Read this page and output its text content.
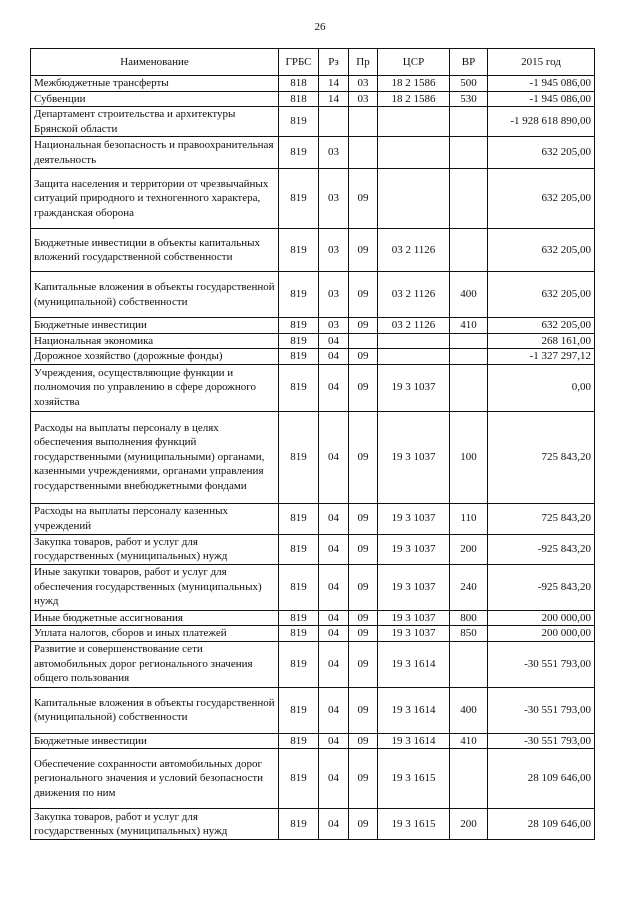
26
Наименование	ГРБС	Рз	Пр	ЦСР	ВР	2015 год
Межбюджетные трансферты	818	14	03	18 2 1586	500	-1 945 086,00
Субвенции	818	14	03	18 2 1586	530	-1 945 086,00
Департамент строительства и архитектуры Брянской области	819					-1 928 618 890,00
Национальная безопасность и правоохранительная деятельность	819	03				632 205,00
Защита населения и территории от чрезвычайных ситуаций природного и техногенного характера, гражданская оборона	819	03	09			632 205,00
Бюджетные инвестиции в объекты капитальных вложений государственной собственности	819	03	09	03 2 1126		632 205,00
Капитальные вложения в объекты государственной (муниципальной) собственности	819	03	09	03 2 1126	400	632 205,00
Бюджетные инвестиции	819	03	09	03 2 1126	410	632 205,00
Национальная экономика	819	04				268 161,00
Дорожное хозяйство (дорожные фонды)	819	04	09			-1 327 297,12
Учреждения, осуществляющие функции и полномочия по управлению в сфере дорожного хозяйства	819	04	09	19 3 1037		0,00
Расходы на выплаты персоналу в целях обеспечения выполнения функций государственными (муниципальными) органами, казенными учреждениями, органами управления государственными внебюджетными фондами	819	04	09	19 3 1037	100	725 843,20
Расходы на выплаты персоналу казенных учреждений	819	04	09	19 3 1037	110	725 843,20
Закупка товаров, работ и услуг для государственных (муниципальных) нужд	819	04	09	19 3 1037	200	-925 843,20
Иные закупки товаров, работ и услуг для обеспечения государственных (муниципальных) нужд	819	04	09	19 3 1037	240	-925 843,20
Иные бюджетные ассигнования	819	04	09	19 3 1037	800	200 000,00
Уплата налогов, сборов и иных платежей	819	04	09	19 3 1037	850	200 000,00
Развитие и совершенствование сети автомобильных дорог регионального значения общего пользования	819	04	09	19 3 1614		-30 551 793,00
Капитальные вложения в объекты государственной (муниципальной) собственности	819	04	09	19 3 1614	400	-30 551 793,00
Бюджетные инвестиции	819	04	09	19 3 1614	410	-30 551 793,00
Обеспечение сохранности автомобильных дорог регионального значения и условий безопасности движения по ним	819	04	09	19 3 1615		28 109 646,00
Закупка товаров, работ и услуг для государственных (муниципальных) нужд	819	04	09	19 3 1615	200	28 109 646,00
